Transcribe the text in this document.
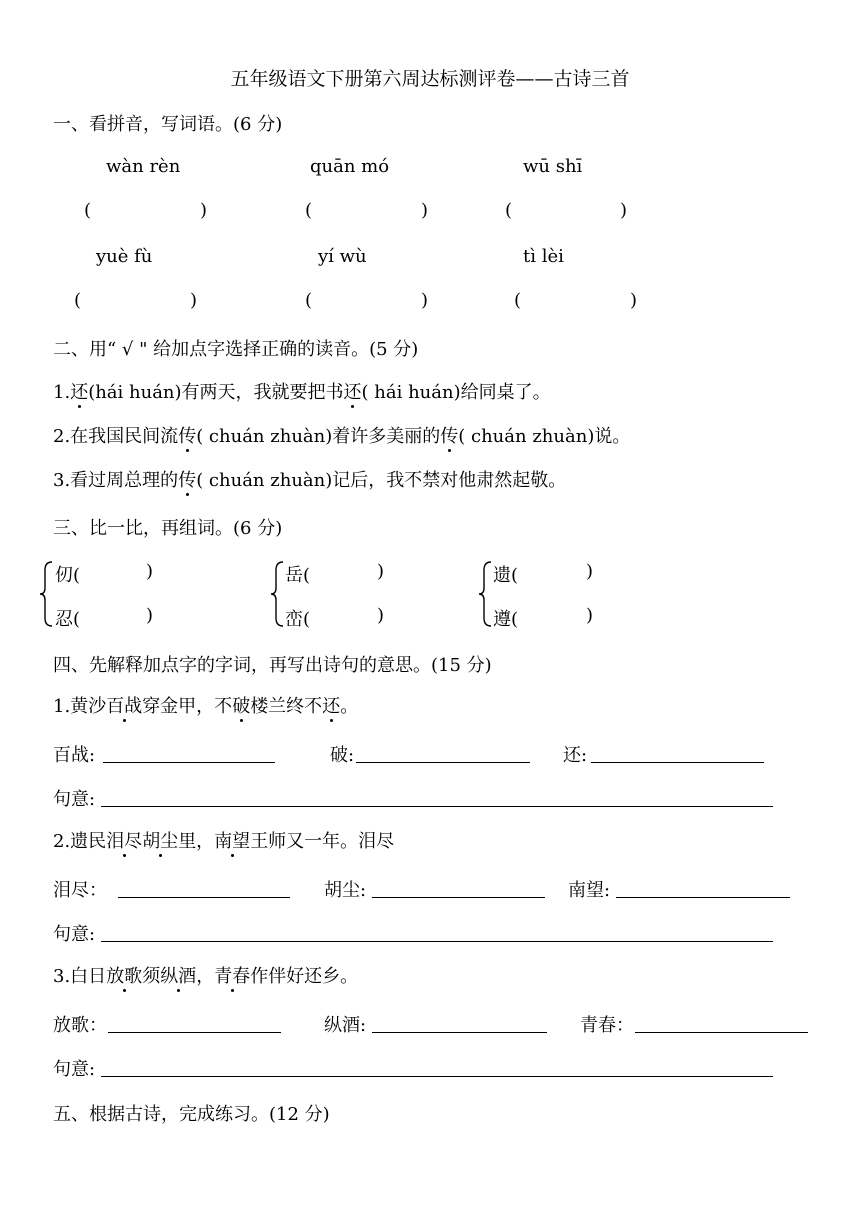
五年级语文下册第六周达标测评卷——古诗三首
一、看拼音，写词语。(6 分)
wàn rèn	quān mó	wū shī
(	)	(	)	(	)
yuè fù	yí wù	tì lèi
(	)	(	)	(	)
二、用“ √ " 给加点字选择正确的读音。(5 分)
1.还(hái huán)有两天，我就要把书还( hái huán)给同桌了。
2.在我国民间流传( chuán zhuàn)着许多美丽的传( chuán zhuàn)说。
3.看过周总理的传( chuán zhuàn)记后，我不禁对他肃然起敬。
三、比一比，再组词。(6 分)
仞(	)
忍(	)
岳(	)
峦(	)
遗(	)
遵(	)
四、先解释加点字的字词，再写出诗句的意思。(15 分)
1.黄沙百战穿金甲，不破楼兰终不还。
百战:	破:	还:
句意:
2.遗民泪尽胡尘里，南望王师又一年。泪尽
泪尽：	胡尘:	南望:
句意:
3.白日放歌须纵酒，青春作伴好还乡。
放歌：	纵酒:	青春：
句意:
五、根据古诗，完成练习。(12 分)
